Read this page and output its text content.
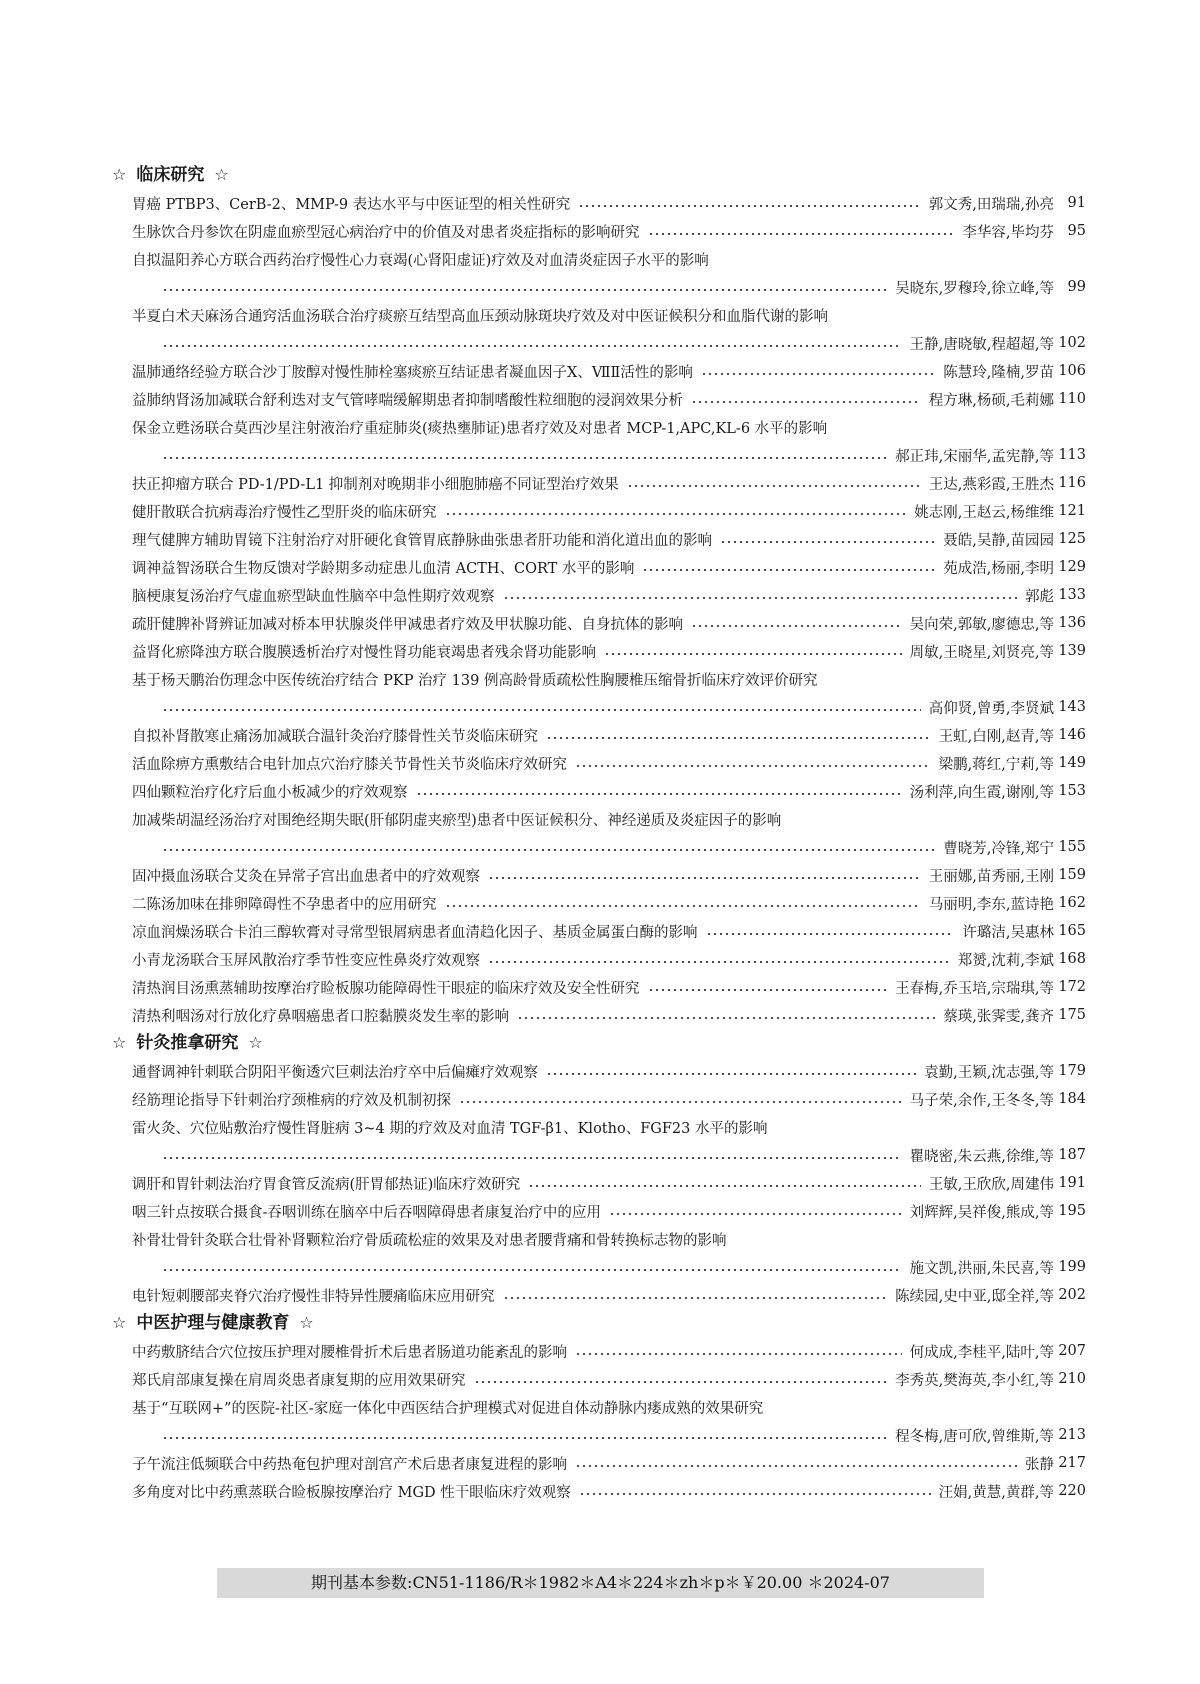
☆ 临床研究 ☆
胃癌 PTBP3、CerB-2、MMP-9 表达水平与中医证型的相关性研究	郭文秀,田瑞瑞,孙亮 91
生脉饮合丹参饮在阴虚血瘀型冠心病治疗中的价值及对患者炎症指标的影响研究	李华容,毕均芬 95
自拟温阳养心方联合西药治疗慢性心力衰竭(心肾阳虚证)疗效及对血清炎症因子水平的影响
吴晓东,罗穆玲,徐立峰,等 99
半夏白术天麻汤合通窍活血汤联合治疗痰瘀互结型高血压颈动脉斑块疗效及对中医证候积分和血脂代谢的影响
王静,唐晓敏,程超超,等 102
温肺通络经验方联合沙丁胺醇对慢性肺栓塞痰瘀互结证患者凝血因子Ⅹ、ⅦⅡ活性的影响	陈慧玲,隆楠,罗苗 106
益肺纳肾汤加减联合舒利迭对支气管哮喘缓解期患者抑制嗜酸性粒细胞的浸润效果分析	程方琳,杨硕,毛莉娜 110
保金立甦汤联合莫西沙星注射液治疗重症肺炎(痰热壅肺证)患者疗效及对患者 MCP-1,APC,KL-6 水平的影响
郝正玮,宋丽华,孟宪静,等 113
扶正抑瘤方联合 PD-1/PD-L1 抑制剂对晚期非小细胞肺癌不同证型治疗效果	王达,燕彩霞,王胜杰 116
健肝散联合抗病毒治疗慢性乙型肝炎的临床研究	姚志刚,王赵云,杨维维 121
理气健脾方辅助胃镜下注射治疗对肝硬化食管胃底静脉曲张患者肝功能和消化道出血的影响	聂皓,吴静,苗园园 125
调神益智汤联合生物反馈对学龄期多动症患儿血清 ACTH、CORT 水平的影响	苑成浩,杨丽,李明 129
脑梗康复汤治疗气虚血瘀型缺血性脑卒中急性期疗效观察	郭彪 133
疏肝健脾补肾辨证加减对桥本甲状腺炎伴甲减患者疗效及甲状腺功能、自身抗体的影响	吴向荣,郭敏,廖德忠,等 136
益肾化瘀降浊方联合腹膜透析治疗对慢性肾功能衰竭患者残余肾功能影响	周敏,王晓星,刘贤亮,等 139
基于杨天鹏治伤理念中医传统治疗结合 PKP 治疗 139 例高龄骨质疏松性胸腰椎压缩骨折临床疗效评价研究
高仰贤,曾勇,李贤斌 143
自拟补肾散寒止痛汤加减联合温针灸治疗膝骨性关节炎临床研究	王虹,白刚,赵青,等 146
活血除痹方熏敷结合电针加点穴治疗膝关节骨性关节炎临床疗效研究	梁鹏,蒋红,宁莉,等 149
四仙颗粒治疗化疗后血小板减少的疗效观察	汤利萍,向生霞,谢刚,等 153
加减柴胡温经汤治疗对围绝经期失眠(肝郁阴虚夹瘀型)患者中医证候积分、神经递质及炎症因子的影响
曹晓芳,冷锋,郑宁 155
固冲摄血汤联合艾灸在异常子宫出血患者中的疗效观察	王丽娜,苗秀丽,王刚 159
二陈汤加味在排卵障碍性不孕患者中的应用研究	马丽明,李东,蓝诗艳 162
凉血润燥汤联合卡泊三醇软膏对寻常型银屑病患者血清趋化因子、基质金属蛋白酶的影响	许璐洁,吴惠林 165
小青龙汤联合玉屏风散治疗季节性变应性鼻炎疗效观察	郑赟,沈莉,李斌 168
清热润目汤熏蒸辅助按摩治疗睑板腺功能障碍性干眼症的临床疗效及安全性研究	王春梅,乔玉培,宗瑞琪,等 172
清热利咽汤对行放化疗鼻咽癌患者口腔黏膜炎发生率的影响	蔡瑛,张霁雯,龚齐 175
☆ 针灸推拿研究 ☆
通督调神针刺联合阴阳平衡透穴巨刺法治疗卒中后偏瘫疗效观察	袁勤,王颖,沈志强,等 179
经筋理论指导下针刺治疗颈椎病的疗效及机制初探	马子荣,余作,王冬冬,等 184
雷火灸、穴位贴敷治疗慢性肾脏病 3~4 期的疗效及对血清 TGF-β1、Klotho、FGF23 水平的影响
瞿晓密,朱云燕,徐维,等 187
调肝和胃针刺法治疗胃食管反流病(肝胃郁热证)临床疗效研究	王敏,王欣欣,周建伟 191
咽三针点按联合摄食-吞咽训练在脑卒中后吞咽障碍患者康复治疗中的应用	刘辉辉,吴祥俊,熊成,等 195
补骨壮骨针灸联合壮骨补肾颗粒治疗骨质疏松症的效果及对患者腰背痛和骨转换标志物的影响
施文凯,洪丽,朱民喜,等 199
电针短刺腰部夹脊穴治疗慢性非特异性腰痛临床应用研究	陈续园,史中亚,邸全祥,等 202
☆ 中医护理与健康教育 ☆
中药敷脐结合穴位按压护理对腰椎骨折术后患者肠道功能紊乱的影响	何成成,李桂平,陆叶,等 207
郑氏肩部康复操在肩周炎患者康复期的应用效果研究	李秀英,樊海英,李小红,等 210
基于“互联网+”的医院-社区-家庭一体化中西医结合护理模式对促进自体动静脉内瘘成熟的效果研究
程冬梅,唐可欣,曾维斯,等 213
子午流注低频联合中药热奄包护理对剖宫产术后患者康复进程的影响	张静 217
多角度对比中药熏蒸联合睑板腺按摩治疗 MGD 性干眼临床疗效观察	汪娟,黄慧,黄群,等 220
期刊基本参数:CN51-1186/R＊1982＊A4＊224＊zh＊p＊￥20.00 ＊2024-07
